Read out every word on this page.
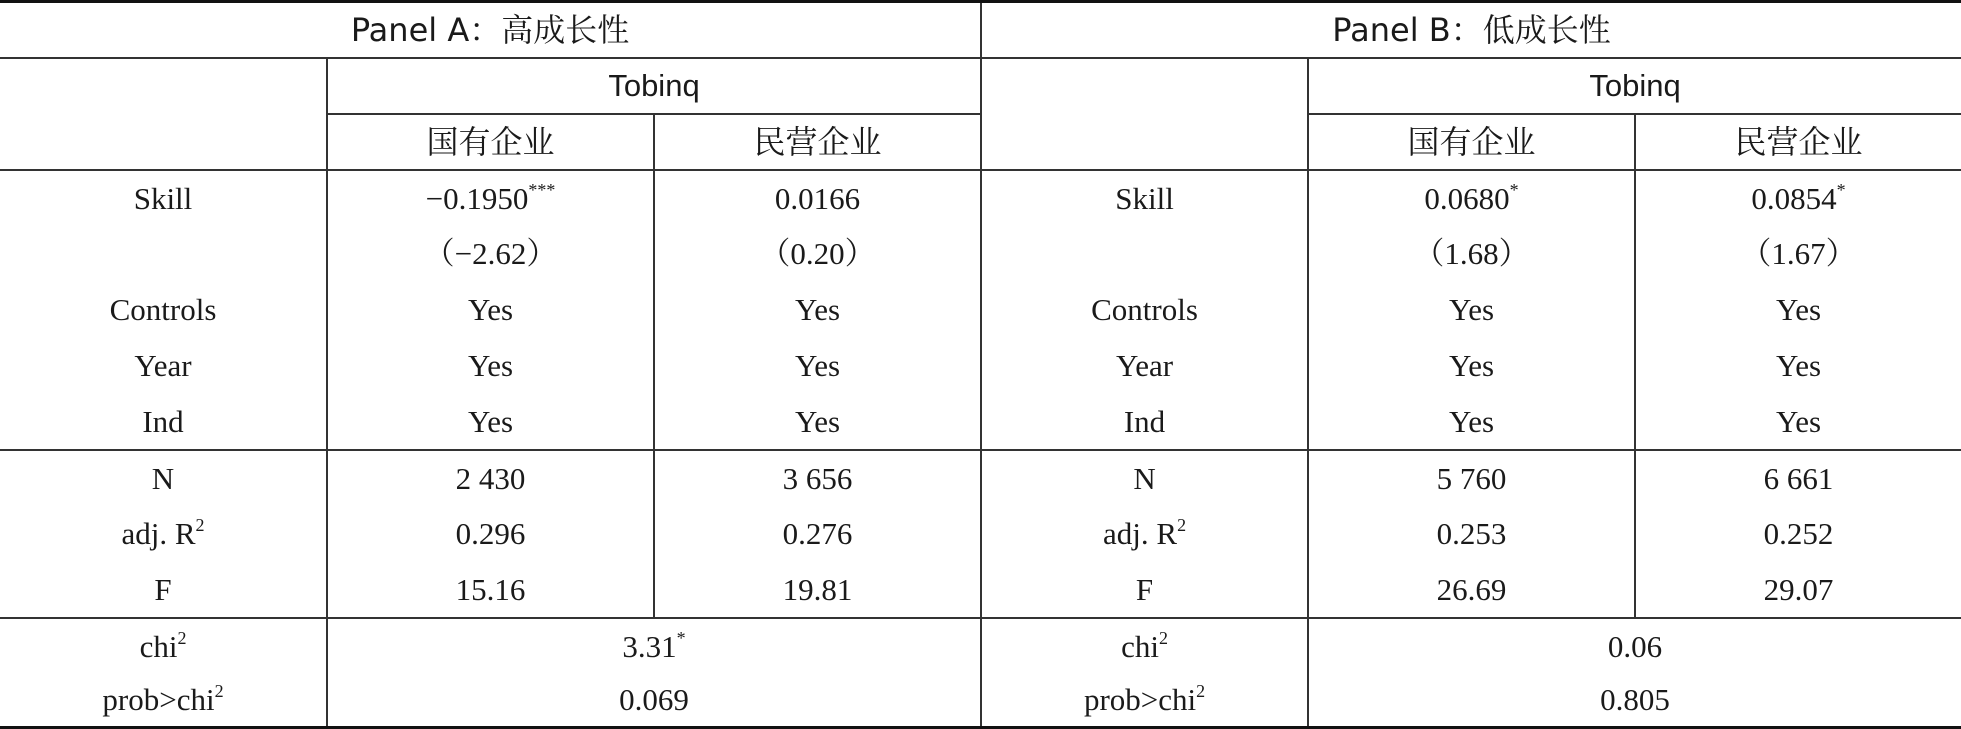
Panel A：高成长性			Panel B：低成长性		
	Tobinq			Tobinq	
	国有企业	民营企业		国有企业	民营企业
Skill	−0.1950***	0.0166	Skill	0.0680*	0.0854*
	（−2.62）	（0.20）		（1.68）	（1.67）
Controls	Yes	Yes	Controls	Yes	Yes
Year	Yes	Yes	Year	Yes	Yes
Ind	Yes	Yes	Ind	Yes	Yes
N	2 430	3 656	N	5 760	6 661
adj. $R^2$	0.296	0.276	adj. $R^2$	0.253	0.252
F	15.16	19.81	F	26.69	29.07
chi$^2$	3.31*		chi$^2$	0.06	
prob>chi$^2$	0.069		prob>chi$^2$	0.805	
